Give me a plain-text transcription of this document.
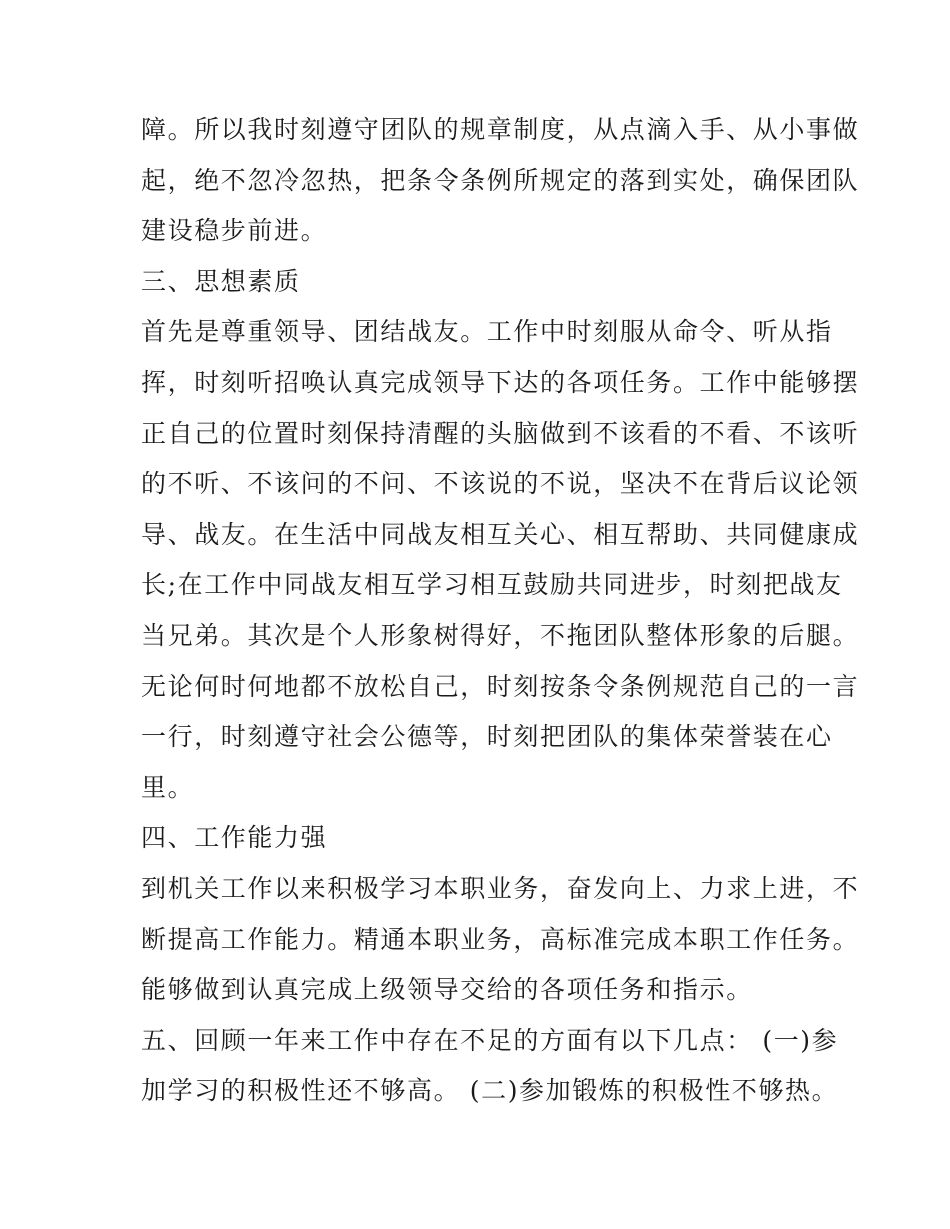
障。所以我时刻遵守团队的规章制度，从点滴入手、从小事做
起，绝不忽冷忽热，把条令条例所规定的落到实处，确保团队
建设稳步前进。
三、思想素质
首先是尊重领导、团结战友。工作中时刻服从命令、听从指
挥，时刻听招唤认真完成领导下达的各项任务。工作中能够摆
正自己的位置时刻保持清醒的头脑做到不该看的不看、不该听
的不听、不该问的不问、不该说的不说，坚决不在背后议论领
导、战友。在生活中同战友相互关心、相互帮助、共同健康成
长;在工作中同战友相互学习相互鼓励共同进步，时刻把战友
当兄弟。其次是个人形象树得好，不拖团队整体形象的后腿。
无论何时何地都不放松自己，时刻按条令条例规范自己的一言
一行，时刻遵守社会公德等，时刻把团队的集体荣誉装在心
里。
四、工作能力强
到机关工作以来积极学习本职业务，奋发向上、力求上进，不
断提高工作能力。精通本职业务，高标准完成本职工作任务。
能够做到认真完成上级领导交给的各项任务和指示。
五、回顾一年来工作中存在不足的方面有以下几点： (一)参
加学习的积极性还不够高。 (二)参加锻炼的积极性不够热。
